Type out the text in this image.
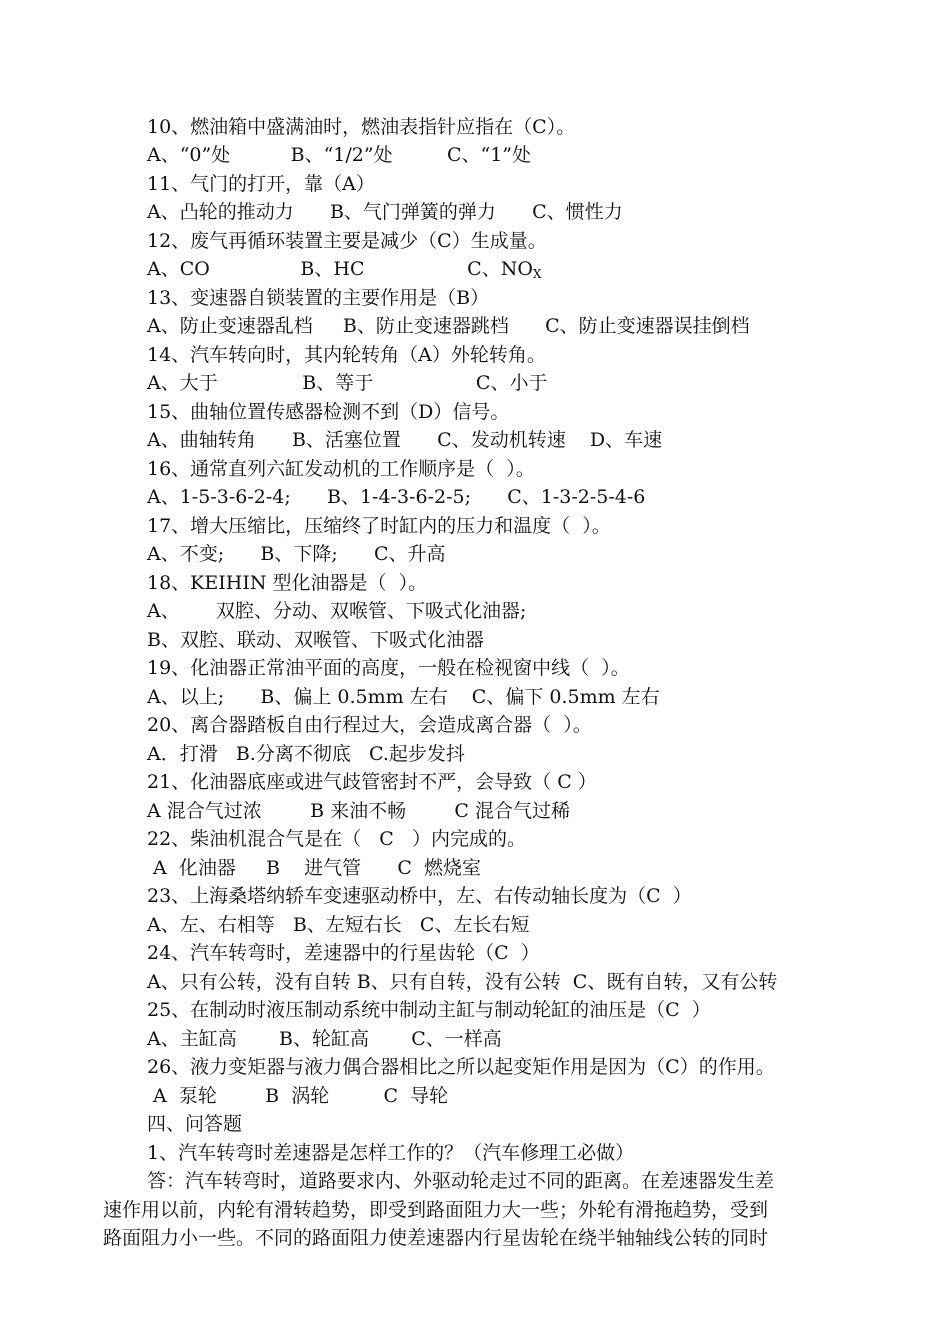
10、燃油箱中盛满油时，燃油表指针应指在（C）。
A、“0”处          B、“1/2”处         C、“1”处
11、气门的打开，靠（A）
A、凸轮的推动力      B、气门弹簧的弹力      C、惯性力
12、废气再循环装置主要是减少（C）生成量。
A、CO               B、HC                 C、$NO_X$
13、变速器自锁装置的主要作用是（B）
A、防止变速器乱档     B、防止变速器跳档      C、防止变速器误挂倒档
14、汽车转向时，其内轮转角（A）外轮转角。
A、大于              B、等于                 C、小于
15、曲轴位置传感器检测不到（D）信号。
A、曲轴转角      B、活塞位置      C、发动机转速    D、车速
16、通常直列六缸发动机的工作顺序是（  ）。
A、1-5-3-6-2-4;      B、1-4-3-6-2-5;      C、1-3-2-5-4-6
17、增大压缩比，压缩终了时缸内的压力和温度（  ）。
A、不变;      B、下降;      C、升高
18、KEIHIN 型化油器是（  ）。
A、      双腔、分动、双喉管、下吸式化油器;
B、双腔、联动、双喉管、下吸式化油器
19、化油器正常油平面的高度，一般在检视窗中线（  ）。
A、以上;      B、偏上 0.5mm 左右    C、偏下 0.5mm 左右
20、离合器踏板自由行程过大，会造成离合器（  ）。
A．打滑   B.分离不彻底   C.起步发抖
21、化油器底座或进气歧管密封不严，会导致（ C ）
A 混合气过浓        B 来油不畅        C 混合气过稀
22、柴油机混合气是在（   C   ）内完成的。
A  化油器     B    进气管      C  燃烧室
23、上海桑塔纳轿车变速驱动桥中，左、右传动轴长度为（C  ）
A、左、右相等   B、左短右长   C、左长右短
24、汽车转弯时，差速器中的行星齿轮（C  ）
A、只有公转，没有自转 B、只有自转，没有公转  C、既有自转，又有公转
25、在制动时液压制动系统中制动主缸与制动轮缸的油压是（C  ）
A、主缸高       B、轮缸高       C、一样高
26、液力变矩器与液力偶合器相比之所以起变矩作用是因为（C）的作用。
A  泵轮        B  涡轮         C  导轮
四、问答题
1、汽车转弯时差速器是怎样工作的？（汽车修理工必做）
答：汽车转弯时，道路要求内、外驱动轮走过不同的距离。在差速器发生差
速作用以前，内轮有滑转趋势，即受到路面阻力大一些；外轮有滑拖趋势，受到
路面阻力小一些。不同的路面阻力使差速器内行星齿轮在绕半轴轴线公转的同时
